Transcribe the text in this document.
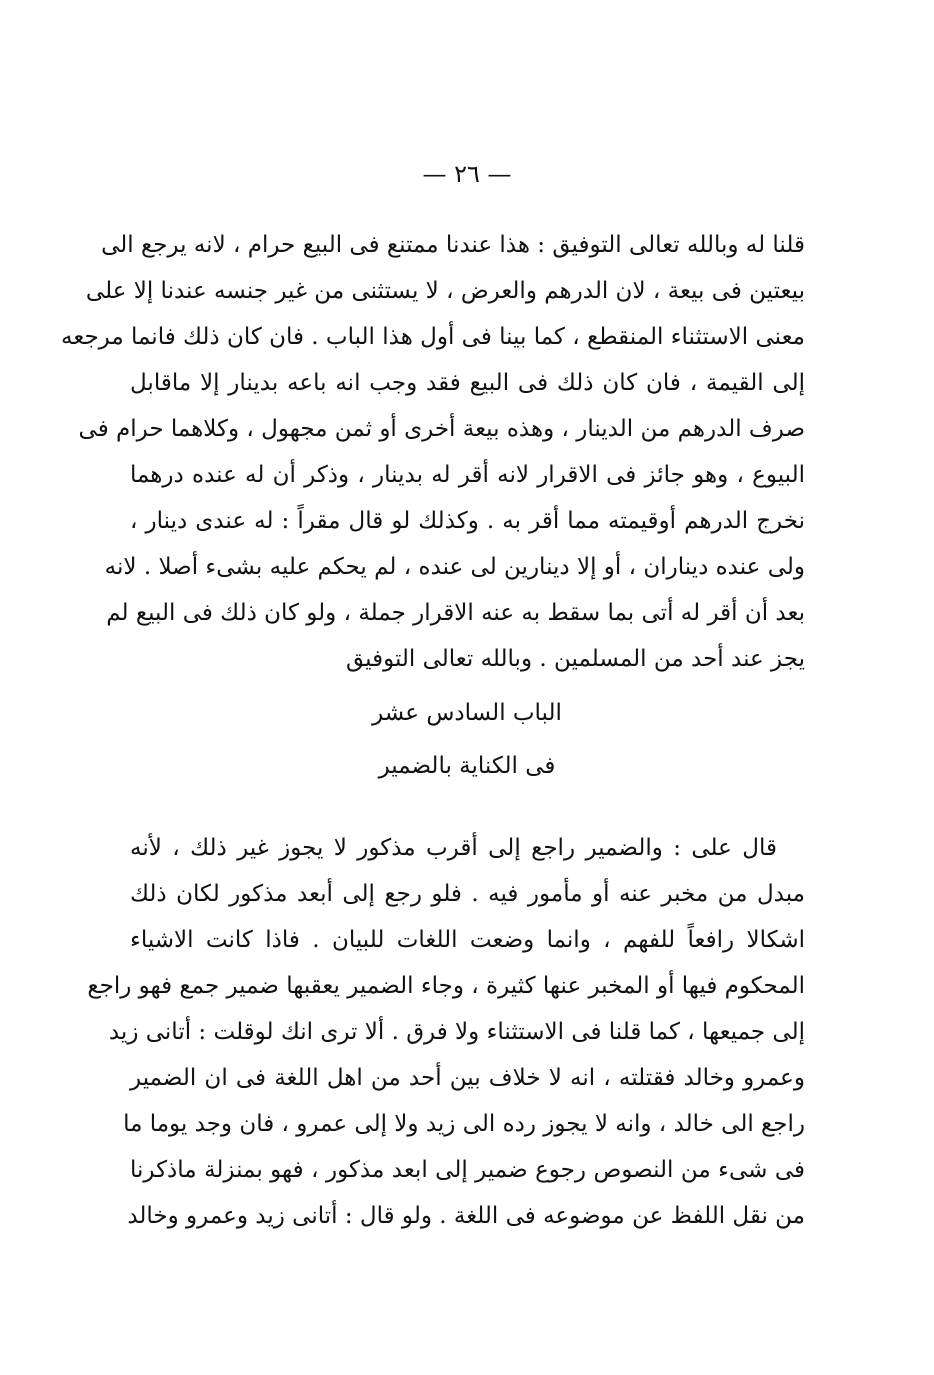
— ٢٦ —
قلنا له وبالله تعالى التوفيق : هذا عندنا ممتنع فى البيع حرام ، لانه يرجع الى
بيعتين فى بيعة ، لان الدرهم والعرض ، لا يستثنى من غير جنسه عندنا إلا على
معنى الاستثناء المنقطع ، كما بينا فى أول هذا الباب . فان كان ذلك فانما مرجعه
إلى القيمة ، فان كان ذلك فى البيع فقد وجب انه باعه بدينار إلا ماقابل
صرف الدرهم من الدينار ، وهذه بيعة أخرى أو ثمن مجهول ، وكلاهما حرام فى
البيوع ، وهو جائز فى الاقرار لانه أقر له بدينار ، وذكر أن له عنده درهما
نخرج الدرهم أوقيمته مما أقر به . وكذلك لو قال مقراً : له عندى دينار ،
ولى عنده ديناران ، أو إلا دينارين لى عنده ، لم يحكم عليه بشىء أصلا . لانه
بعد أن أقر له أتى بما سقط به عنه الاقرار جملة ، ولو كان ذلك فى البيع لم
يجز عند أحد من المسلمين . وبالله تعالى التوفيق
الباب السادس عشر
فى الكناية بالضمير
قال على : والضمير راجع إلى أقرب مذكور لا يجوز غير ذلك ، لأنه
مبدل من مخبر عنه أو مأمور فيه . فلو رجع إلى أبعد مذكور لكان ذلك
اشكالا رافعاً للفهم ، وانما وضعت اللغات للبيان . فاذا كانت الاشياء
المحكوم فيها أو المخبر عنها كثيرة ، وجاء الضمير يعقبها ضمير جمع فهو راجع
إلى جميعها ، كما قلنا فى الاستثناء ولا فرق . ألا ترى انك لوقلت : أتانى زيد
وعمرو وخالد فقتلته ، انه لا خلاف بين أحد من اهل اللغة فى ان الضمير
راجع الى خالد ، وانه لا يجوز رده الى زيد ولا إلى عمرو ، فان وجد يوما ما
فى شىء من النصوص رجوع ضمير إلى ابعد مذكور ، فهو بمنزلة ماذكرنا
من نقل اللفظ عن موضوعه فى اللغة . ولو قال : أتانى زيد وعمرو وخالد
